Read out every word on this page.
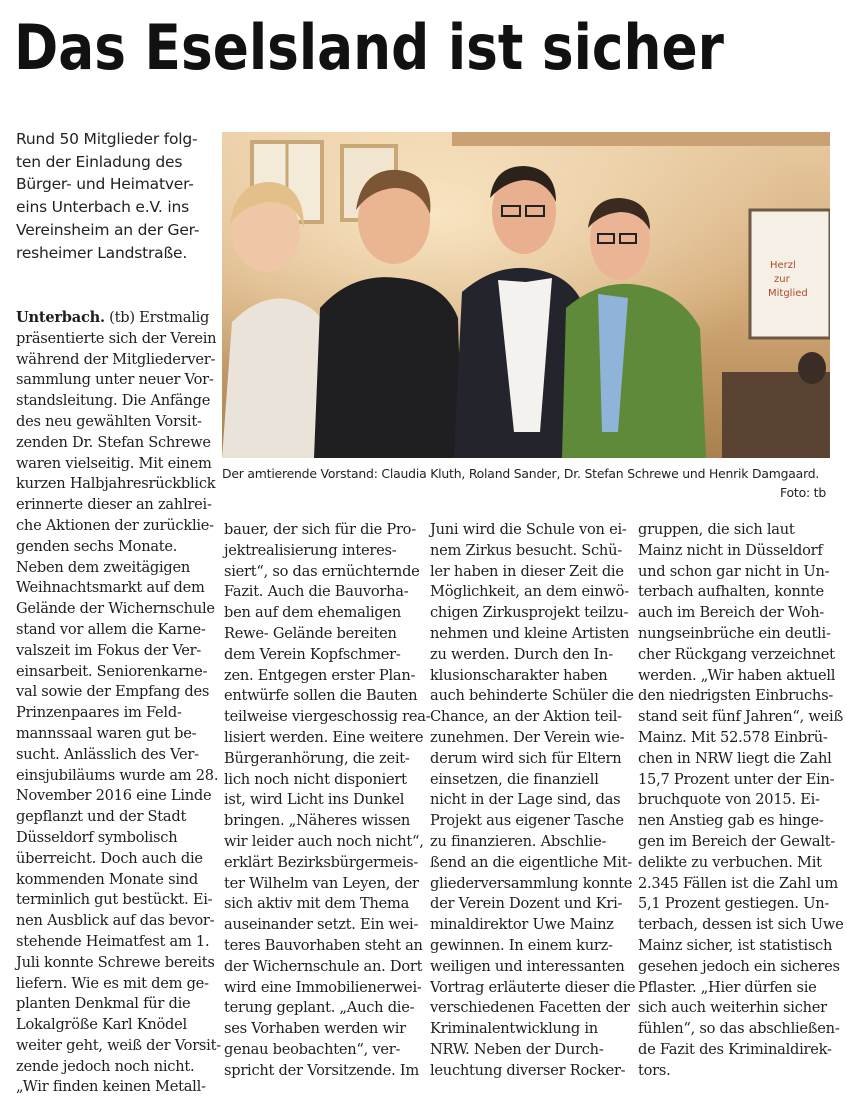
Das Eselsland ist sicher
Rund 50 Mitglieder folg-
ten der Einladung des
Bürger- und Heimatver-
eins Unterbach e.V. ins
Vereinsheim an der Ger-
resheimer Landstraße.
Herzl
zur
Mitglied
Der amtierende Vorstand: Claudia Kluth, Roland Sander, Dr. Stefan Schrewe und Henrik Damgaard.
Foto: tb
Unterbach. (tb) Erstmalig
präsentierte sich der Verein
während der Mitgliederver-
sammlung unter neuer Vor-
standsleitung. Die Anfänge
des neu gewählten Vorsit-
zenden Dr. Stefan Schrewe
waren vielseitig. Mit einem
kurzen Halbjahresrückblick
erinnerte dieser an zahlrei-
che Aktionen der zurücklie-
genden sechs Monate.
Neben dem zweitägigen
Weihnachtsmarkt auf dem
Gelände der Wichernschule
stand vor allem die Karne-
valszeit im Fokus der Ver-
einsarbeit. Seniorenkarne-
val sowie der Empfang des
Prinzenpaares im Feld-
mannssaal waren gut be-
sucht. Anlässlich des Ver-
einsjubiläums wurde am 28.
November 2016 eine Linde
gepflanzt und der Stadt
Düsseldorf symbolisch
überreicht. Doch auch die
kommenden Monate sind
terminlich gut bestückt. Ei-
nen Ausblick auf das bevor-
stehende Heimatfest am 1.
Juli konnte Schrewe bereits
liefern. Wie es mit dem ge-
planten Denkmal für die
Lokalgröße Karl Knödel
weiter geht, weiß der Vorsit-
zende jedoch noch nicht.
„Wir finden keinen Metall-
bauer, der sich für die Pro-
jektrealisierung interes-
siert“, so das ernüchternde
Fazit. Auch die Bauvorha-
ben auf dem ehemaligen
Rewe- Gelände bereiten
dem Verein Kopfschmer-
zen. Entgegen erster Plan-
entwürfe sollen die Bauten
teilweise viergeschossig rea-
lisiert werden. Eine weitere
Bürgeranhörung, die zeit-
lich noch nicht disponiert
ist, wird Licht ins Dunkel
bringen. „Näheres wissen
wir leider auch noch nicht“,
erklärt Bezirksbürgermeis-
ter Wilhelm van Leyen, der
sich aktiv mit dem Thema
auseinander setzt. Ein wei-
teres Bauvorhaben steht an
der Wichernschule an. Dort
wird eine Immobilienerwei-
terung geplant. „Auch die-
ses Vorhaben werden wir
genau beobachten“, ver-
spricht der Vorsitzende. Im
Juni wird die Schule von ei-
nem Zirkus besucht. Schü-
ler haben in dieser Zeit die
Möglichkeit, an dem einwö-
chigen Zirkusprojekt teilzu-
nehmen und kleine Artisten
zu werden. Durch den In-
klusionscharakter haben
auch behinderte Schüler die
Chance, an der Aktion teil-
zunehmen. Der Verein wie-
derum wird sich für Eltern
einsetzen, die finanziell
nicht in der Lage sind, das
Projekt aus eigener Tasche
zu finanzieren. Abschlie-
ßend an die eigentliche Mit-
gliederversammlung konnte
der Verein Dozent und Kri-
minaldirektor Uwe Mainz
gewinnen. In einem kurz-
weiligen und interessanten
Vortrag erläuterte dieser die
verschiedenen Facetten der
Kriminalentwicklung in
NRW. Neben der Durch-
leuchtung diverser Rocker-
gruppen, die sich laut
Mainz nicht in Düsseldorf
und schon gar nicht in Un-
terbach aufhalten, konnte
auch im Bereich der Woh-
nungseinbrüche ein deutli-
cher Rückgang verzeichnet
werden. „Wir haben aktuell
den niedrigsten Einbruchs-
stand seit fünf Jahren“, weiß
Mainz. Mit 52.578 Einbrü-
chen in NRW liegt die Zahl
15,7 Prozent unter der Ein-
bruchquote von 2015. Ei-
nen Anstieg gab es hinge-
gen im Bereich der Gewalt-
delikte zu verbuchen. Mit
2.345 Fällen ist die Zahl um
5,1 Prozent gestiegen. Un-
terbach, dessen ist sich Uwe
Mainz sicher, ist statistisch
gesehen jedoch ein sicheres
Pflaster. „Hier dürfen sie
sich auch weiterhin sicher
fühlen“, so das abschließen-
de Fazit des Kriminaldirek-
tors.
